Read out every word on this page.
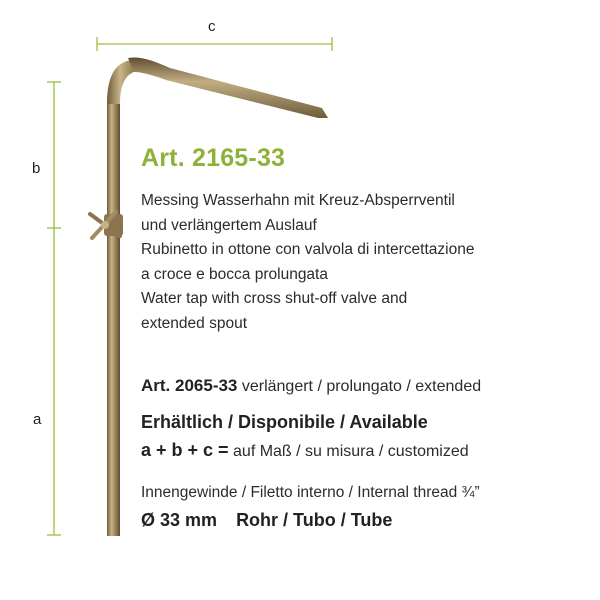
c
b
a
Art. 2165-33
Messing Wasserhahn mit Kreuz-Absperrventil
und verlängertem Auslauf
Rubinetto in ottone con valvola di intercettazione
a croce e bocca prolungata
Water tap with cross shut-off valve and
extended spout
Art. 2065-33 verlängert / prolungato / extended
Erhältlich / Disponibile / Available
a + b + c = auf Maß / su misura / customized
Innengewinde / Filetto interno / Internal thread ¾”
Ø 33 mm Rohr / Tubo / Tube
